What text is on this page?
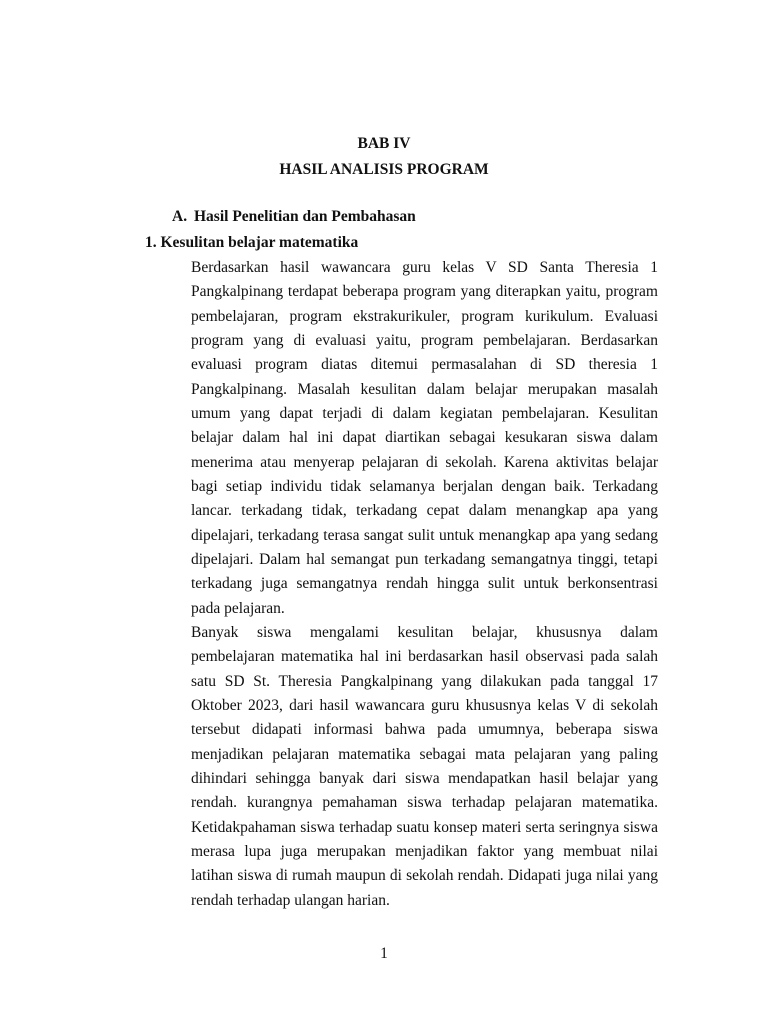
BAB IV
HASIL ANALISIS PROGRAM
A. Hasil Penelitian dan Pembahasan
1. Kesulitan belajar matematika
Berdasarkan hasil wawancara guru kelas V SD Santa Theresia 1
Pangkalpinang terdapat beberapa program yang diterapkan yaitu, program
pembelajaran, program ekstrakurikuler, program kurikulum. Evaluasi
program yang di evaluasi yaitu, program pembelajaran. Berdasarkan
evaluasi program diatas ditemui permasalahan di SD theresia 1
Pangkalpinang. Masalah kesulitan dalam belajar merupakan masalah
umum yang dapat terjadi di dalam kegiatan pembelajaran. Kesulitan
belajar dalam hal ini dapat diartikan sebagai kesukaran siswa dalam
menerima atau menyerap pelajaran di sekolah. Karena aktivitas belajar
bagi setiap individu tidak selamanya berjalan dengan baik. Terkadang
lancar. terkadang tidak, terkadang cepat dalam menangkap apa yang
dipelajari, terkadang terasa sangat sulit untuk menangkap apa yang sedang
dipelajari. Dalam hal semangat pun terkadang semangatnya tinggi, tetapi
terkadang juga semangatnya rendah hingga sulit untuk berkonsentrasi
pada pelajaran.
Banyak siswa mengalami kesulitan belajar, khususnya dalam
pembelajaran matematika hal ini berdasarkan hasil observasi pada salah
satu SD St. Theresia Pangkalpinang yang dilakukan pada tanggal 17
Oktober 2023, dari hasil wawancara guru khususnya kelas V di sekolah
tersebut didapati informasi bahwa pada umumnya, beberapa siswa
menjadikan pelajaran matematika sebagai mata pelajaran yang paling
dihindari sehingga banyak dari siswa mendapatkan hasil belajar yang
rendah. kurangnya pemahaman siswa terhadap pelajaran matematika.
Ketidakpahaman siswa terhadap suatu konsep materi serta seringnya siswa
merasa lupa juga merupakan menjadikan faktor yang membuat nilai
latihan siswa di rumah maupun di sekolah rendah. Didapati juga nilai yang
rendah terhadap ulangan harian.
1
